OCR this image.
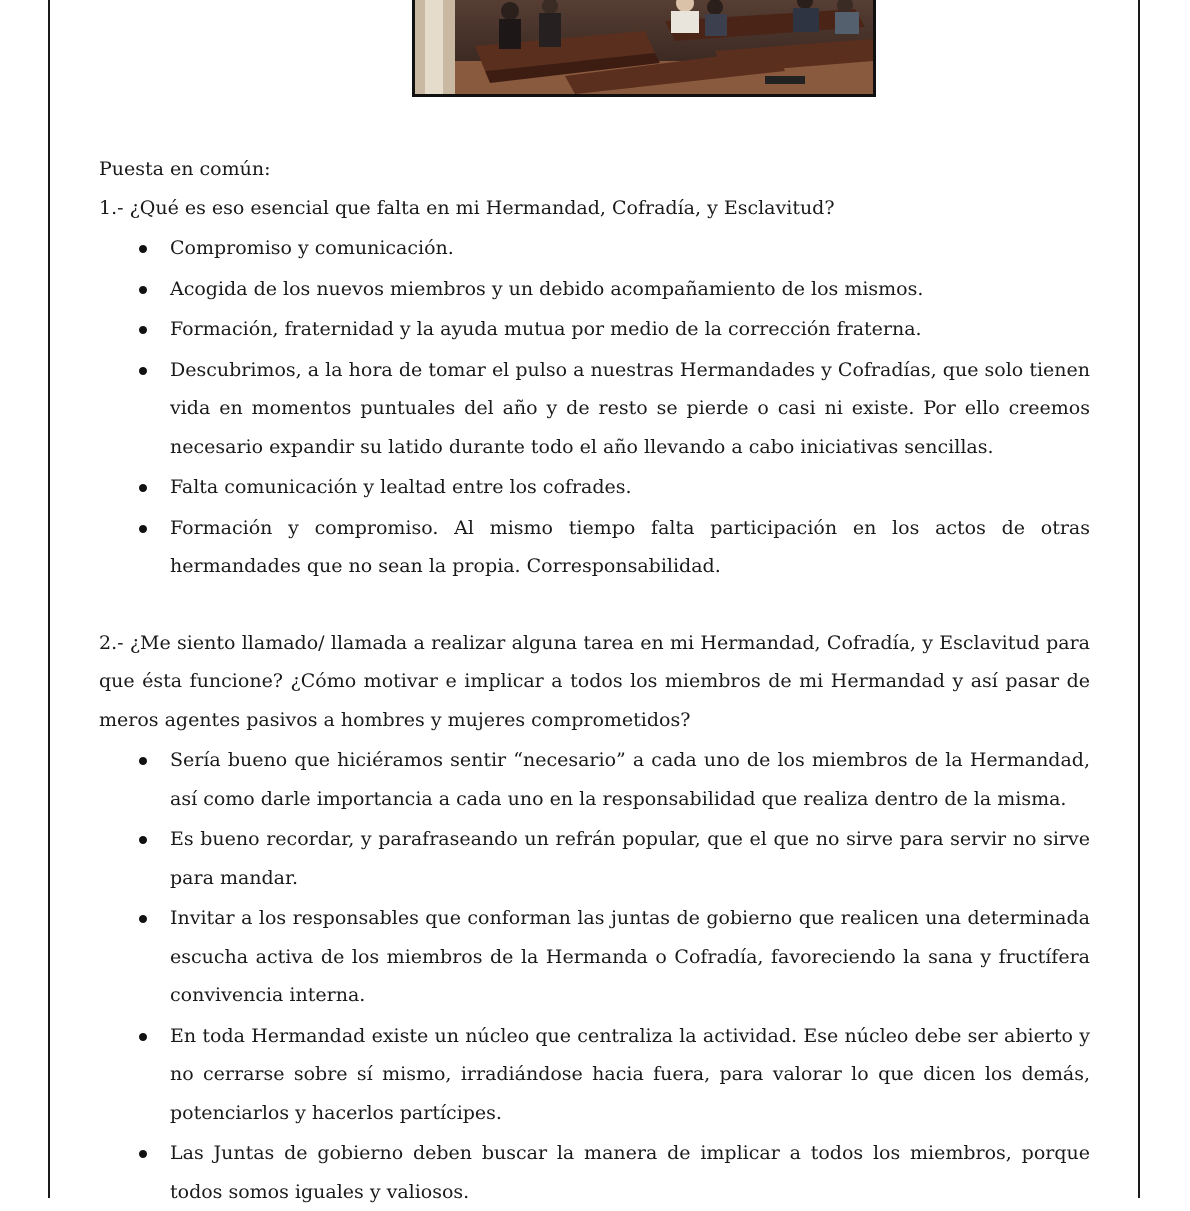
Puesta en común:

1.- ¿Qué es eso esencial que falta en mi Hermandad, Cofradía, y Esclavitud?

Compromiso y comunicación.
Acogida de los nuevos miembros y un debido acompañamiento de los mismos.
Formación, fraternidad y la ayuda mutua por medio de la corrección fraterna.
Descubrimos, a la hora de tomar el pulso a nuestras Hermandades y Cofradías, que solo tienen vida en momentos puntuales del año y de resto se pierde o casi ni existe. Por ello creemos necesario expandir su latido durante todo el año llevando a cabo iniciativas sencillas.
Falta comunicación y lealtad entre los cofrades.
Formación y compromiso. Al mismo tiempo falta participación en los actos de otras hermandades que no sean la propia. Corresponsabilidad.

2.- ¿Me siento llamado/ llamada a realizar alguna tarea en mi Hermandad, Cofradía, y Esclavitud para que ésta funcione? ¿Cómo motivar e implicar a todos los miembros de mi Hermandad y así pasar de meros agentes pasivos a hombres y mujeres comprometidos?

Sería bueno que hiciéramos sentir “necesario” a cada uno de los miembros de la Hermandad, así como darle importancia a cada uno en la responsabilidad que realiza dentro de la misma.
Es bueno recordar, y parafraseando un refrán popular, que el que no sirve para servir no sirve para mandar.
Invitar a los responsables que conforman las juntas de gobierno que realicen una determinada escucha activa de los miembros de la Hermanda o Cofradía, favoreciendo la sana y fructífera convivencia interna.
En toda Hermandad existe un núcleo que centraliza la actividad. Ese núcleo debe ser abierto y no cerrarse sobre sí mismo, irradiándose hacia fuera, para valorar lo que dicen los demás, potenciarlos y hacerlos partícipes.
Las Juntas de gobierno deben buscar la manera de implicar a todos los miembros, porque todos somos iguales y valiosos.
